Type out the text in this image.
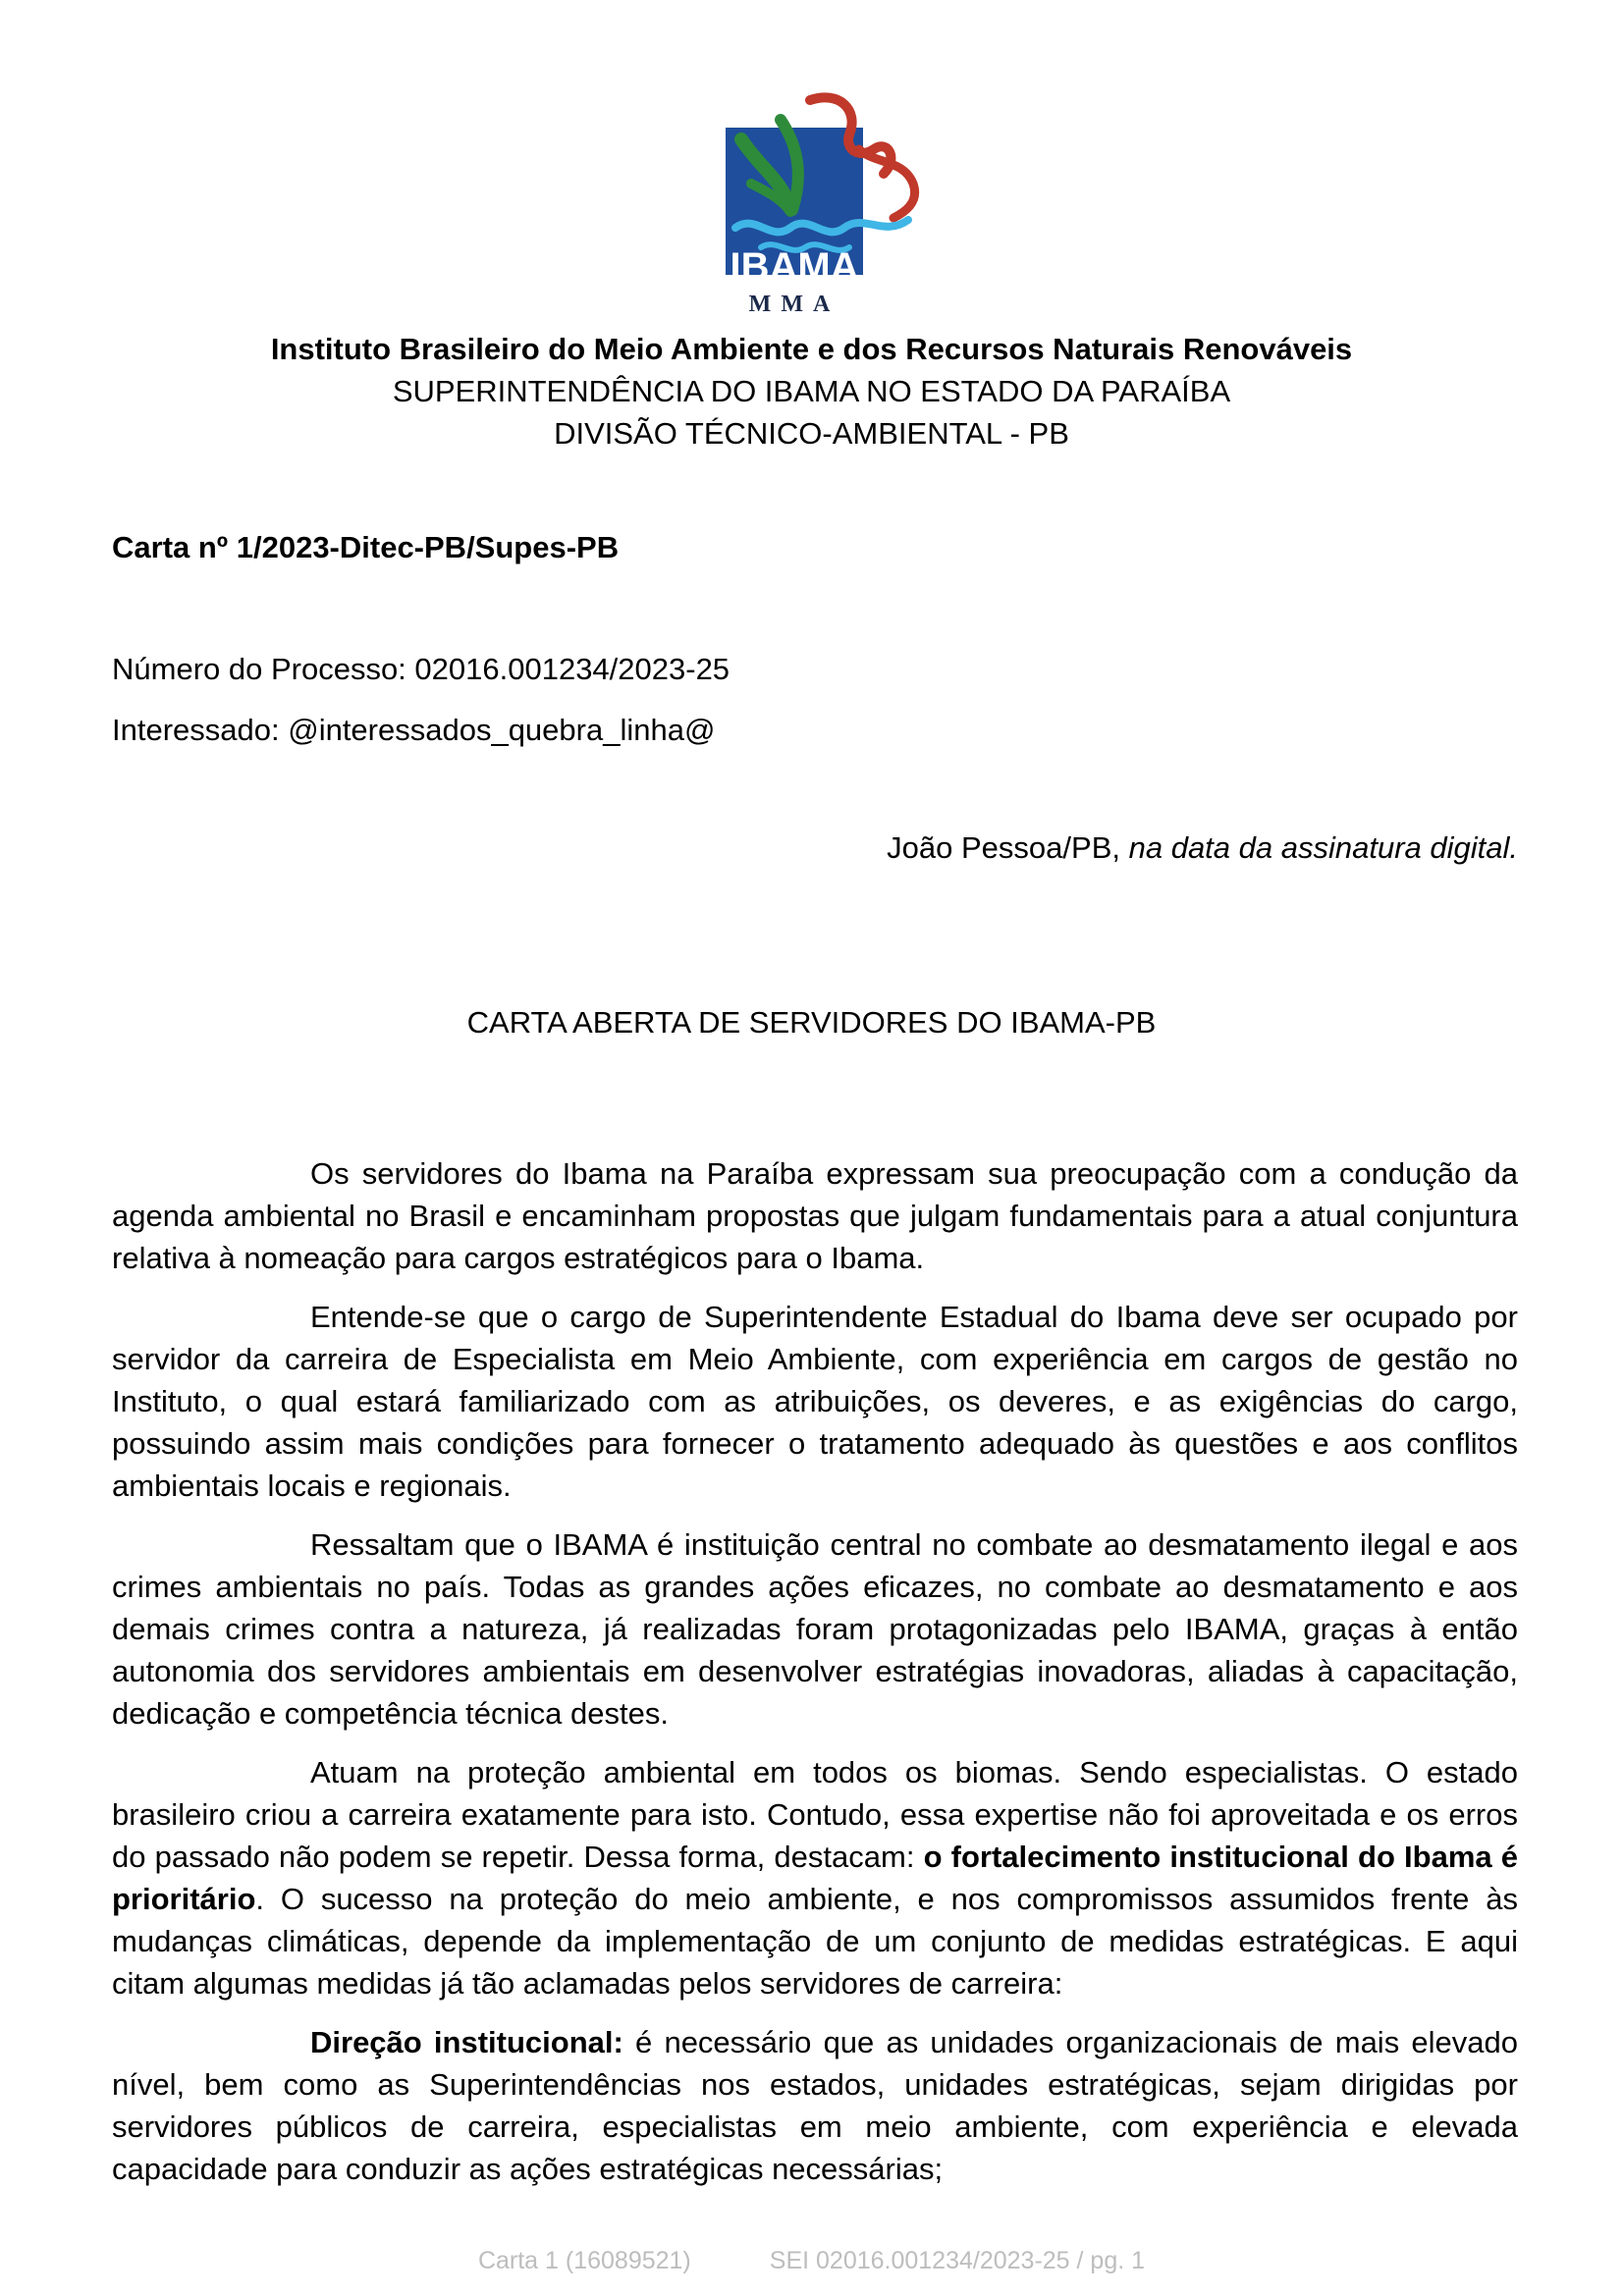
IBAMA
MMA
Instituto Brasileiro do Meio Ambiente e dos Recursos Naturais Renováveis
SUPERINTENDÊNCIA DO IBAMA NO ESTADO DA PARAÍBA
DIVISÃO TÉCNICO-AMBIENTAL - PB
Carta nº 1/2023-Ditec-PB/Supes-PB
Número do Processo: 02016.001234/2023-25
Interessado: @interessados_quebra_linha@
João Pessoa/PB, na data da assinatura digital.
CARTA ABERTA DE SERVIDORES DO IBAMA-PB

Os servidores do Ibama na Paraíba expressam sua preocupação com a condução da agenda ambiental no Brasil e encaminham propostas que julgam fundamentais para a atual conjuntura relativa à nomeação para cargos estratégicos para o Ibama.

Entende-se que o cargo de Superintendente Estadual do Ibama deve ser ocupado por servidor da carreira de Especialista em Meio Ambiente, com experiência em cargos de gestão no Instituto, o qual estará familiarizado com as atribuições, os deveres, e as exigências do cargo, possuindo assim mais condições para fornecer o tratamento adequado às questões e aos conflitos ambientais locais e regionais.

Ressaltam que o IBAMA é instituição central no combate ao desmatamento ilegal e aos crimes ambientais no país. Todas as grandes ações eficazes, no combate ao desmatamento e aos demais crimes contra a natureza, já realizadas foram protagonizadas pelo IBAMA, graças à então autonomia dos servidores ambientais em desenvolver estratégias inovadoras, aliadas à capacitação, dedicação e competência técnica destes.

Atuam na proteção ambiental em todos os biomas. Sendo especialistas. O estado brasileiro criou a carreira exatamente para isto. Contudo, essa expertise não foi aproveitada e os erros do passado não podem se repetir. Dessa forma, destacam: o fortalecimento institucional do Ibama é prioritário. O sucesso na proteção do meio ambiente, e nos compromissos assumidos frente às mudanças climáticas, depende da implementação de um conjunto de medidas estratégicas. E aqui citam algumas medidas já tão aclamadas pelos servidores de carreira:

Direção institucional: é necessário que as unidades organizacionais de mais elevado nível, bem como as Superintendências nos estados, unidades estratégicas, sejam dirigidas por servidores públicos de carreira, especialistas em meio ambiente, com experiência e elevada capacidade para conduzir as ações estratégicas necessárias;

Carta 1 (16089521)	SEI 02016.001234/2023-25 / pg. 1
